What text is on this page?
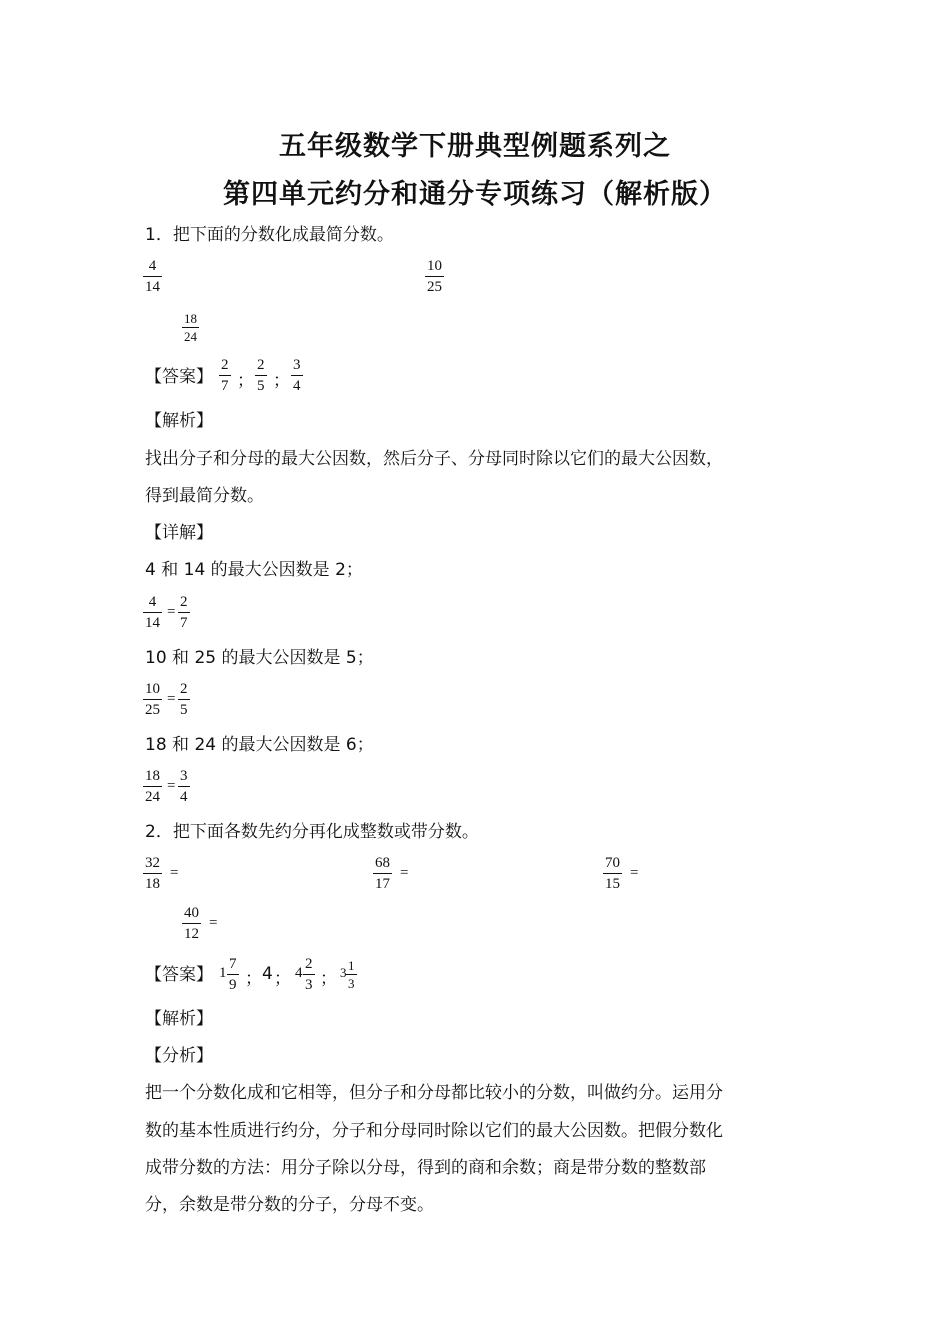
五年级数学下册典型例题系列之
第四单元约分和通分专项练习（解析版）
1．把下面的分数化成最简分数。
$\frac{4}{14}$	$\frac{10}{25}$
$\frac{18}{24}$
【答案】 $\frac{2}{7}$ ； $\frac{2}{5}$ ； $\frac{3}{4}$
【解析】
找出分子和分母的最大公因数，然后分子、分母同时除以它们的最大公因数，
得到最简分数。
【详解】
4 和 14 的最大公因数是 2；
$\frac{4}{14} = \frac{2}{7}$
10 和 25 的最大公因数是 5；
$\frac{10}{25} = \frac{2}{5}$
18 和 24 的最大公因数是 6；
$\frac{18}{24} = \frac{3}{4}$
2．把下面各数先约分再化成整数或带分数。
$\frac{32}{18}$ =	$\frac{68}{17}$ =	$\frac{70}{15}$ =
$\frac{40}{12}$ =
【答案】 $1 \frac{7}{9}$ ； 4 ； $4 \frac{2}{3}$ ； $3 \frac{1}{3}$
【解析】
【分析】
把一个分数化成和它相等，但分子和分母都比较小的分数，叫做约分。运用分
数的基本性质进行约分，分子和分母同时除以它们的最大公因数。把假分数化
成带分数的方法：用分子除以分母，得到的商和余数；商是带分数的整数部
分，余数是带分数的分子，分母不变。
